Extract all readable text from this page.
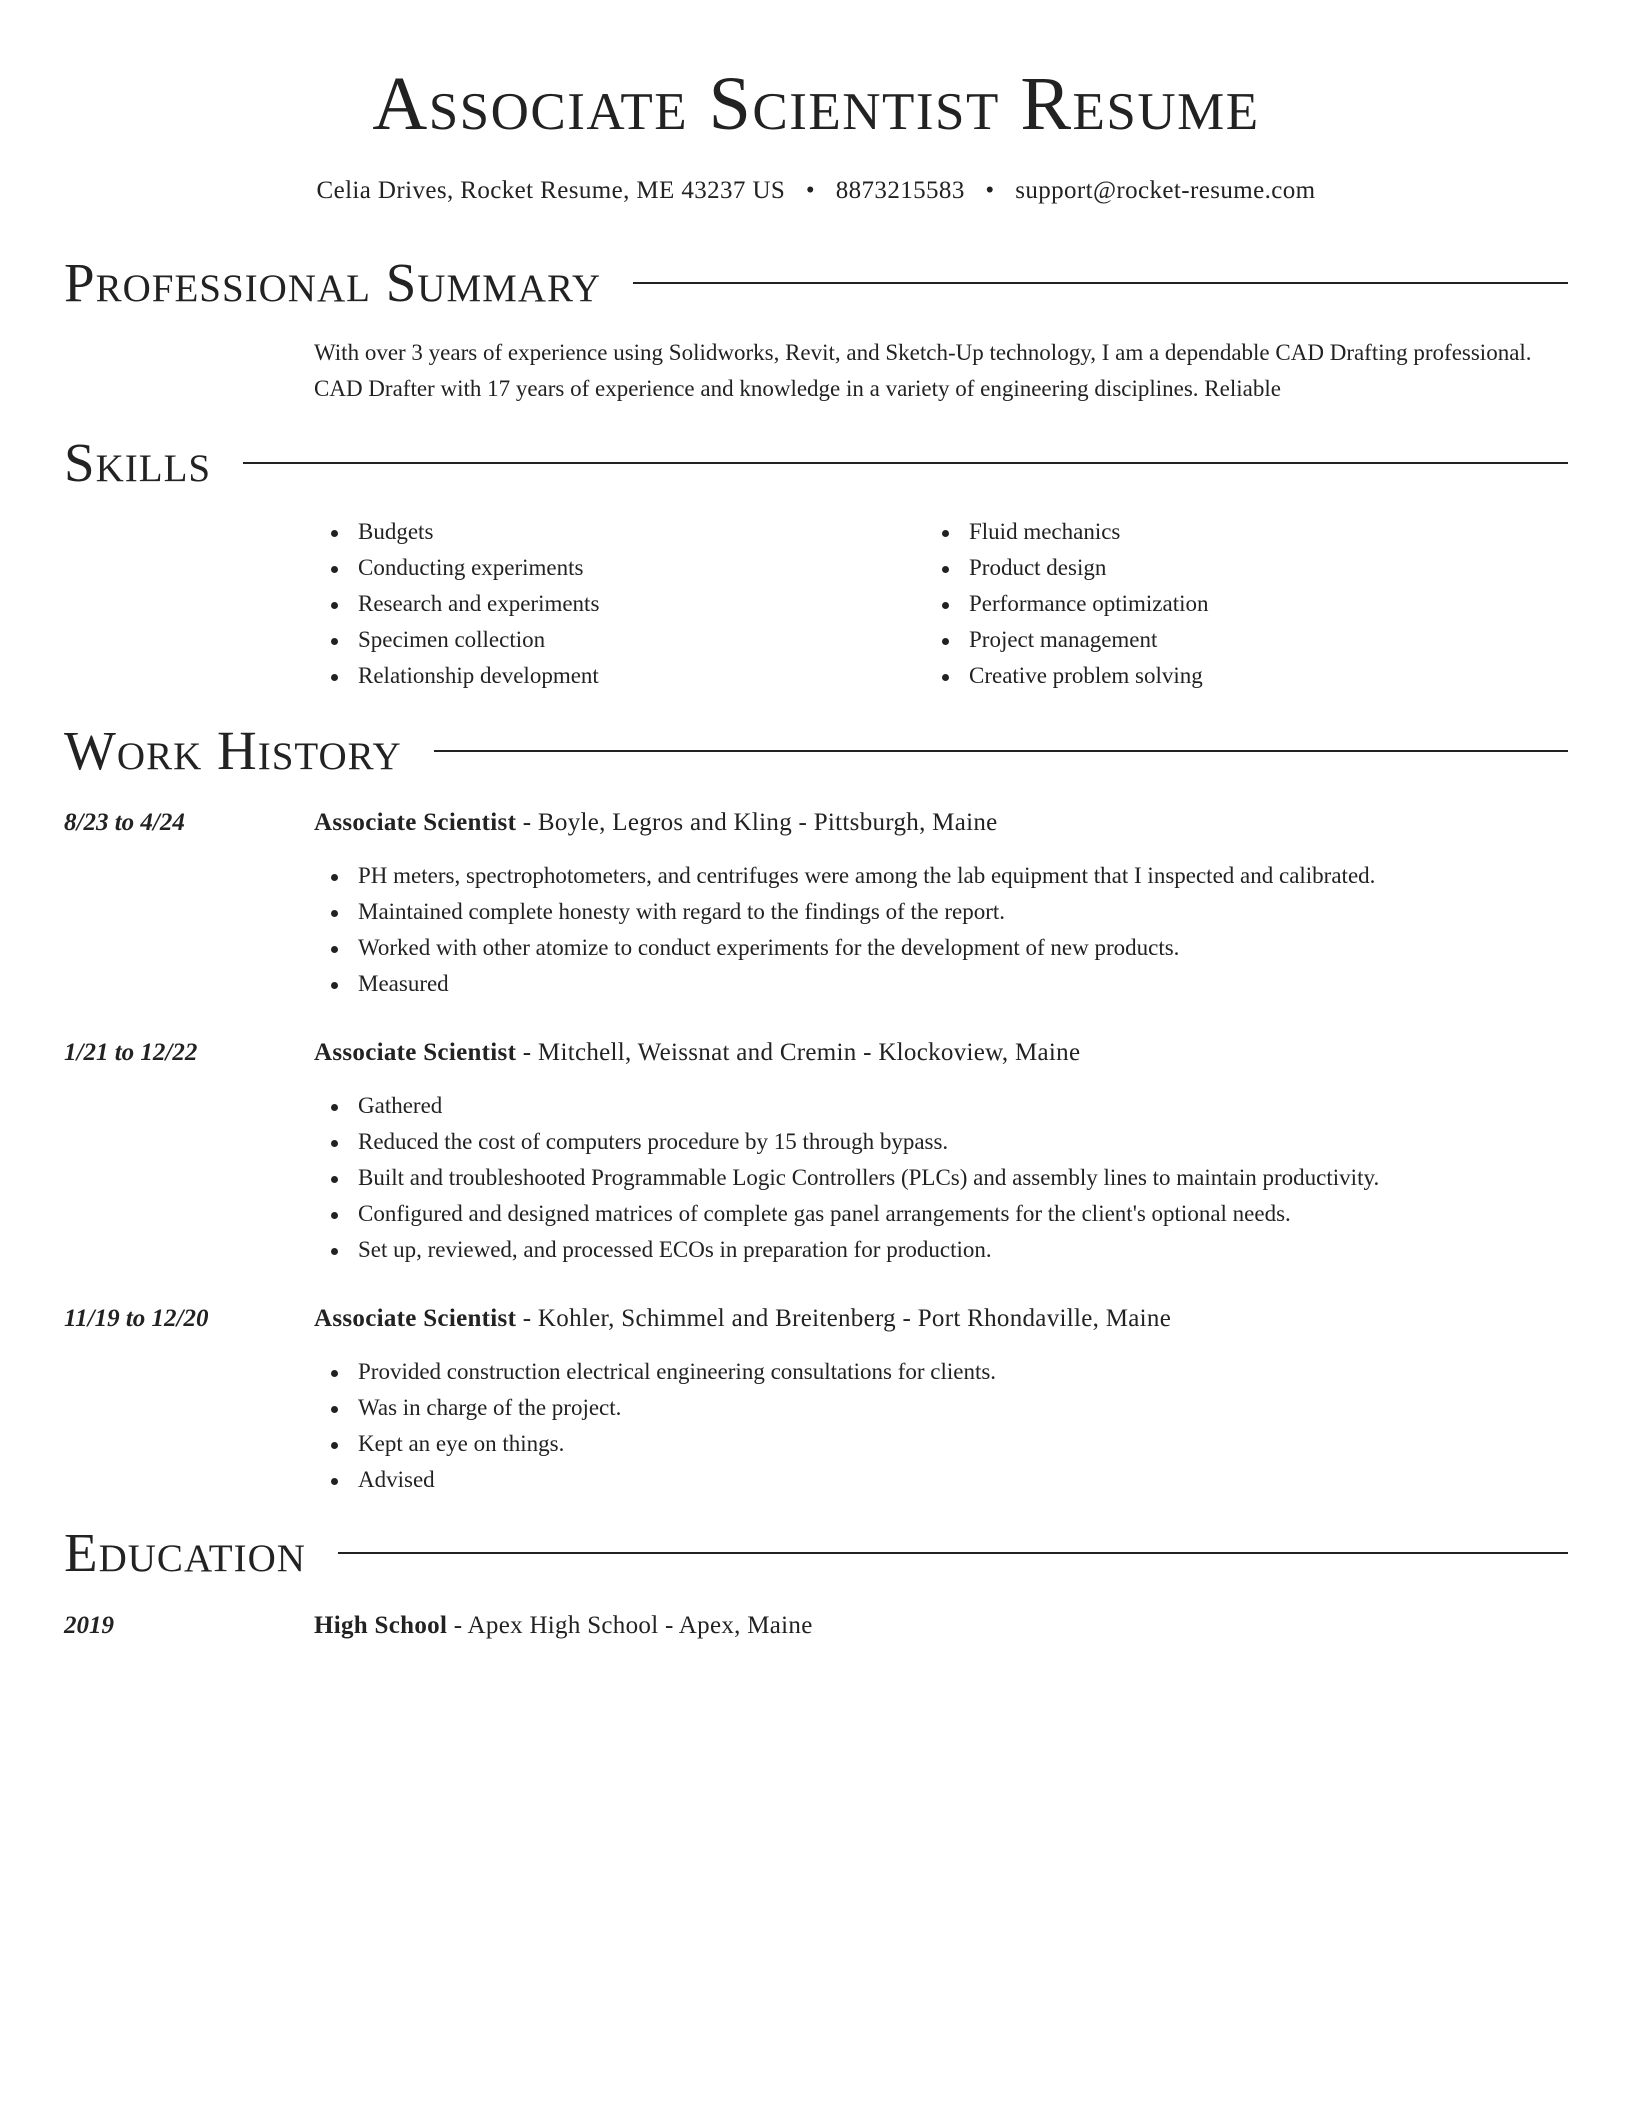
Associate Scientist Resume
Celia Drives, Rocket Resume, ME 43237 US • 8873215583 • support@rocket-resume.com
Professional Summary

With over 3 years of experience using Solidworks, Revit, and Sketch-Up technology, I am a dependable CAD Drafting professional. CAD Drafter with 17 years of experience and knowledge in a variety of engineering disciplines. Reliable

Skills
Budgets
Conducting experiments
Research and experiments
Specimen collection
Relationship development
Fluid mechanics
Product design
Performance optimization
Project management
Creative problem solving
Work History
8/23 to 4/24	Associate Scientist - Boyle, Legros and Kling - Pittsburgh, Maine
PH meters, spectrophotometers, and centrifuges were among the lab equipment that I inspected and calibrated.
Maintained complete honesty with regard to the findings of the report.
Worked with other atomize to conduct experiments for the development of new products.
Measured
1/21 to 12/22	Associate Scientist - Mitchell, Weissnat and Cremin - Klockoview, Maine
Gathered
Reduced the cost of computers procedure by 15 through bypass.
Built and troubleshooted Programmable Logic Controllers (PLCs) and assembly lines to maintain productivity.
Configured and designed matrices of complete gas panel arrangements for the client's optional needs.
Set up, reviewed, and processed ECOs in preparation for production.
11/19 to 12/20	Associate Scientist - Kohler, Schimmel and Breitenberg - Port Rhondaville, Maine
Provided construction electrical engineering consultations for clients.
Was in charge of the project.
Kept an eye on things.
Advised
Education
2019	High School - Apex High School - Apex, Maine
